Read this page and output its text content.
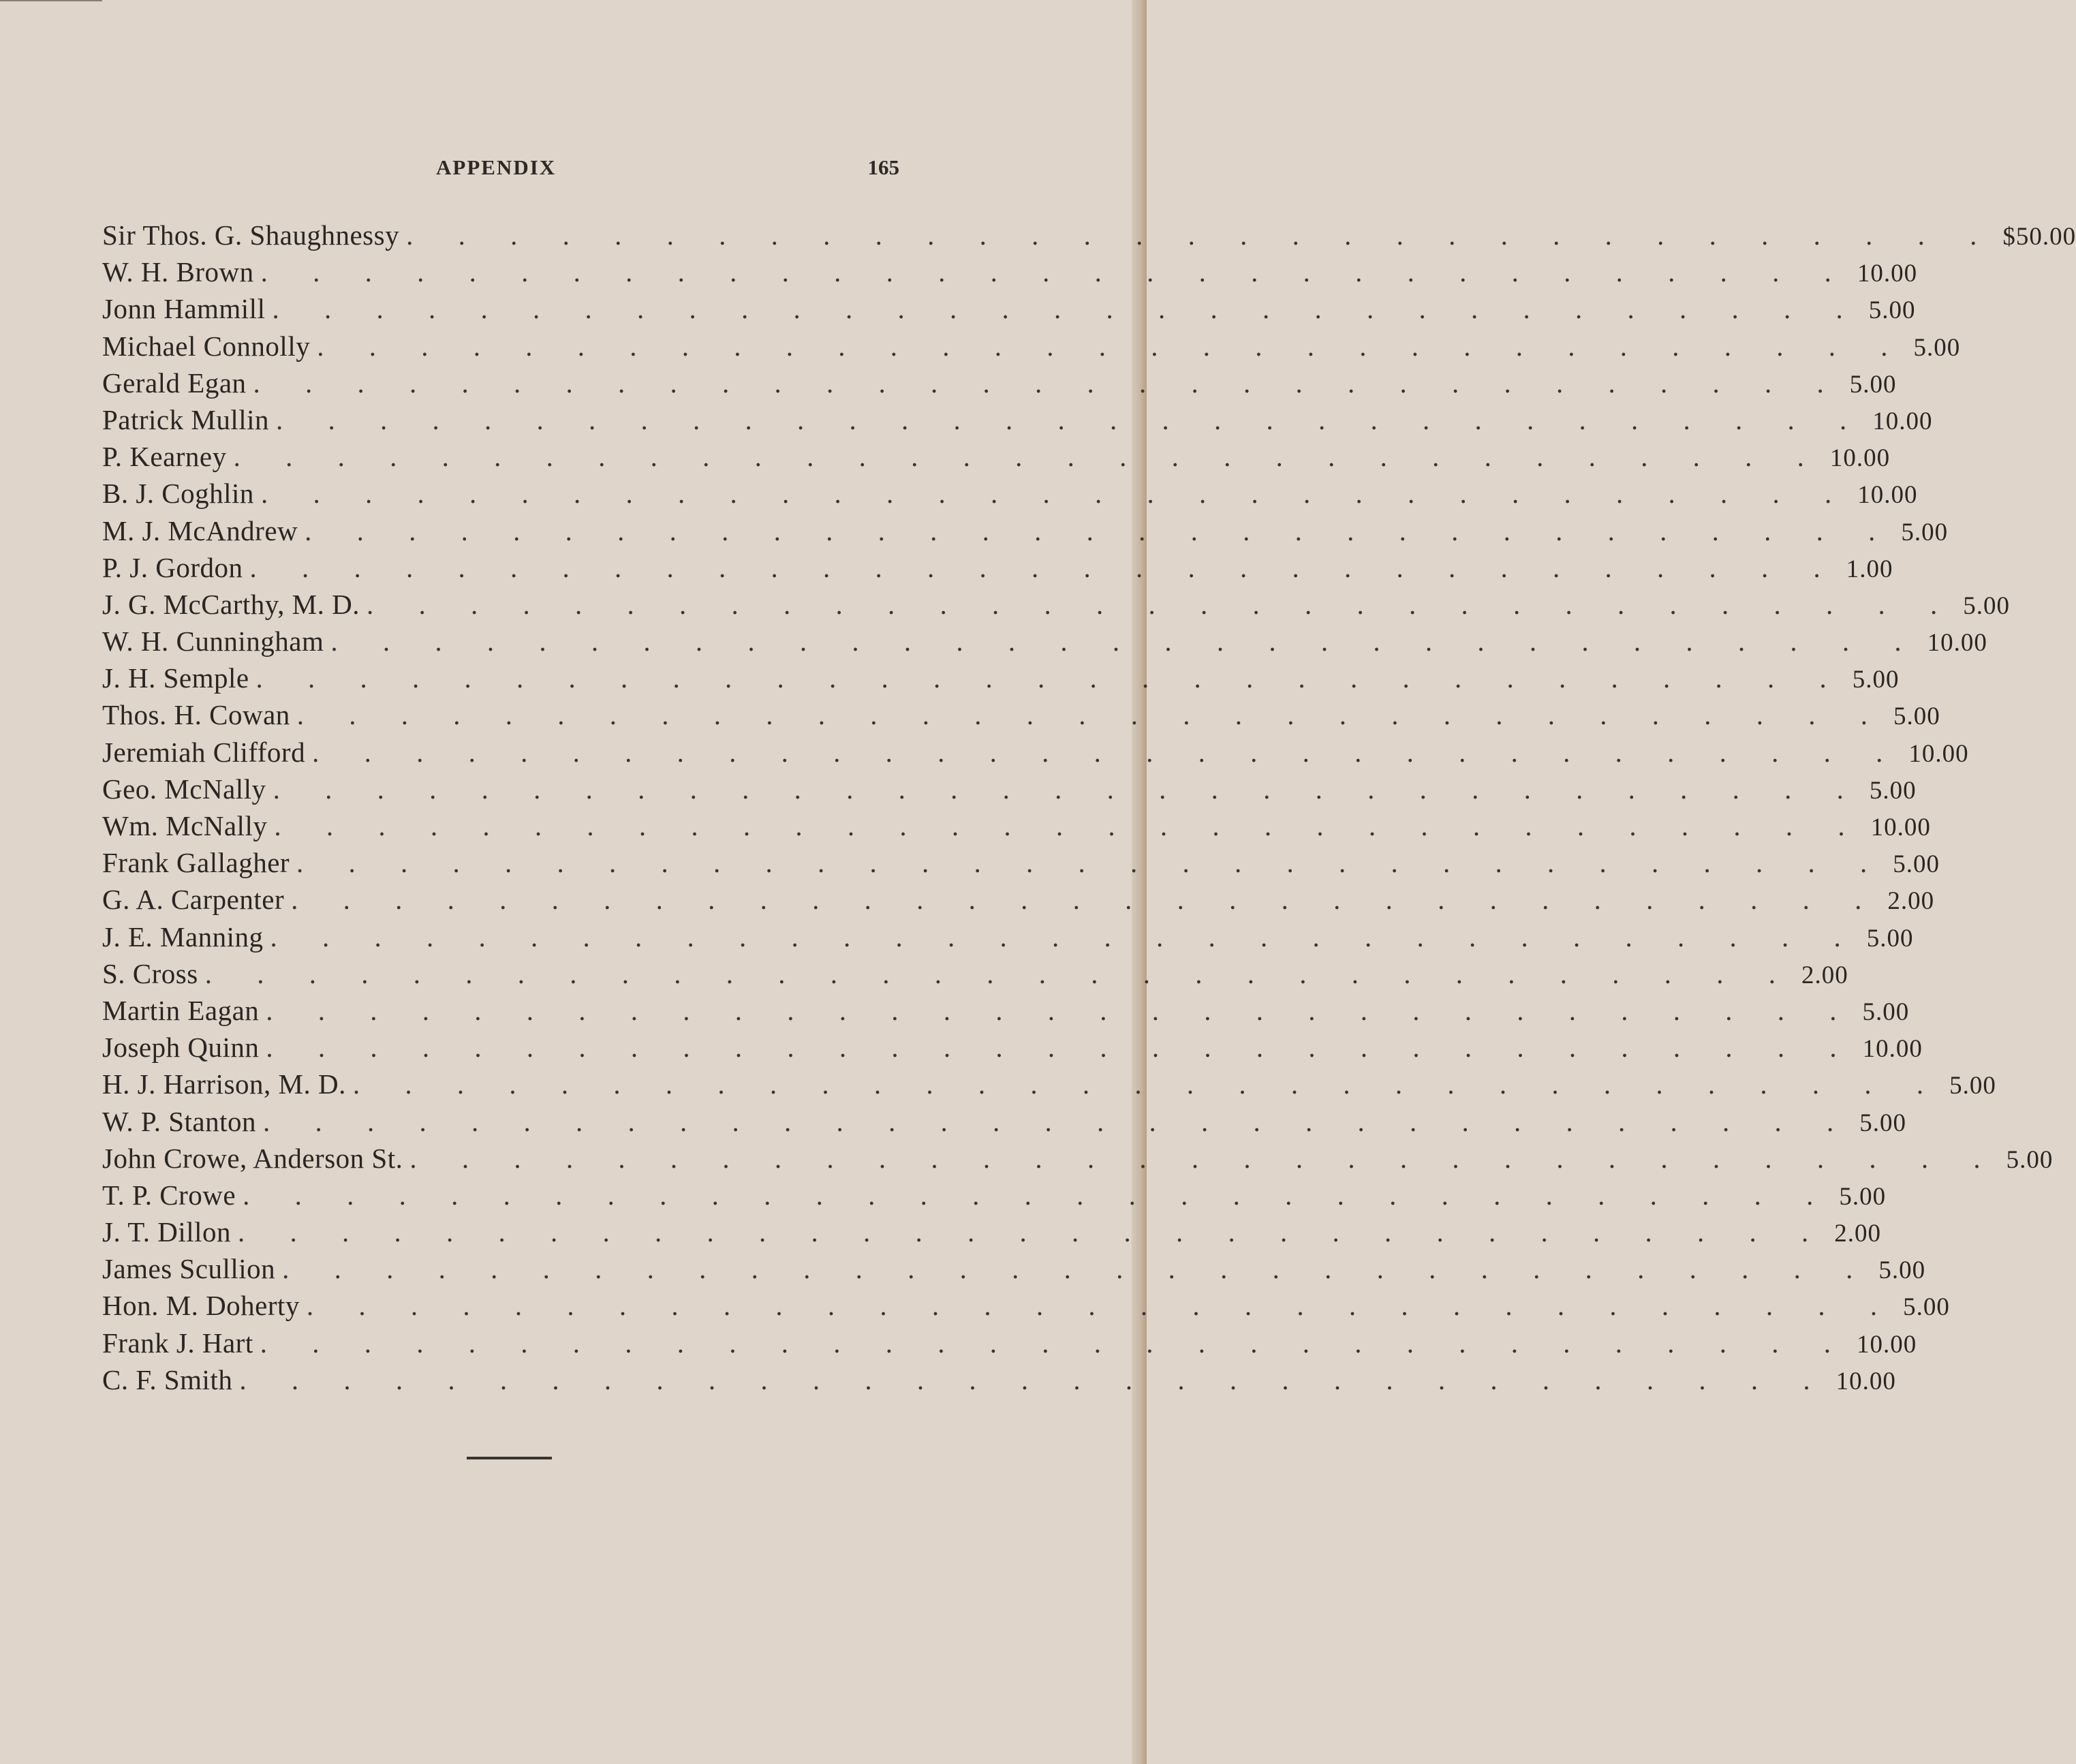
APPENDIX	165
Sir Thos. G. Shaughnessy . . . . . . . . . . . . . . . . . . . . . . . . . . . . . . . $50.00
W. H. Brown . . . . . . . . . . . . . . . . . . . . . . . . . . . . . . . 10.00
Jonn Hammill . . . . . . . . . . . . . . . . . . . . . . . . . . . . . . . 5.00
Michael Connolly . . . . . . . . . . . . . . . . . . . . . . . . . . . . . . . 5.00
Gerald Egan . . . . . . . . . . . . . . . . . . . . . . . . . . . . . . . 5.00
Patrick Mullin . . . . . . . . . . . . . . . . . . . . . . . . . . . . . . . 10.00
P. Kearney . . . . . . . . . . . . . . . . . . . . . . . . . . . . . . . 10.00
B. J. Coghlin . . . . . . . . . . . . . . . . . . . . . . . . . . . . . . . 10.00
M. J. McAndrew . . . . . . . . . . . . . . . . . . . . . . . . . . . . . . . 5.00
P. J. Gordon . . . . . . . . . . . . . . . . . . . . . . . . . . . . . . . 1.00
J. G. McCarthy, M. D. . . . . . . . . . . . . . . . . . . . . . . . . . . . . . . . 5.00
W. H. Cunningham . . . . . . . . . . . . . . . . . . . . . . . . . . . . . . . 10.00
J. H. Semple . . . . . . . . . . . . . . . . . . . . . . . . . . . . . . . 5.00
Thos. H. Cowan . . . . . . . . . . . . . . . . . . . . . . . . . . . . . . . 5.00
Jeremiah Clifford . . . . . . . . . . . . . . . . . . . . . . . . . . . . . . . 10.00
Geo. McNally . . . . . . . . . . . . . . . . . . . . . . . . . . . . . . . 5.00
Wm. McNally . . . . . . . . . . . . . . . . . . . . . . . . . . . . . . . 10.00
Frank Gallagher . . . . . . . . . . . . . . . . . . . . . . . . . . . . . . . 5.00
G. A. Carpenter . . . . . . . . . . . . . . . . . . . . . . . . . . . . . . . 2.00
J. E. Manning . . . . . . . . . . . . . . . . . . . . . . . . . . . . . . . 5.00
S. Cross . . . . . . . . . . . . . . . . . . . . . . . . . . . . . . . 2.00
Martin Eagan . . . . . . . . . . . . . . . . . . . . . . . . . . . . . . . 5.00
Joseph Quinn . . . . . . . . . . . . . . . . . . . . . . . . . . . . . . . 10.00
H. J. Harrison, M. D. . . . . . . . . . . . . . . . . . . . . . . . . . . . . . . . 5.00
W. P. Stanton . . . . . . . . . . . . . . . . . . . . . . . . . . . . . . . 5.00
John Crowe, Anderson St. . . . . . . . . . . . . . . . . . . . . . . . . . . . . . . . 5.00
T. P. Crowe . . . . . . . . . . . . . . . . . . . . . . . . . . . . . . . 5.00
J. T. Dillon . . . . . . . . . . . . . . . . . . . . . . . . . . . . . . . 2.00
James Scullion . . . . . . . . . . . . . . . . . . . . . . . . . . . . . . . 5.00
Hon. M. Doherty . . . . . . . . . . . . . . . . . . . . . . . . . . . . . . . 5.00
Frank J. Hart . . . . . . . . . . . . . . . . . . . . . . . . . . . . . . . 10.00
C. F. Smith . . . . . . . . . . . . . . . . . . . . . . . . . . . . . . . 10.00
